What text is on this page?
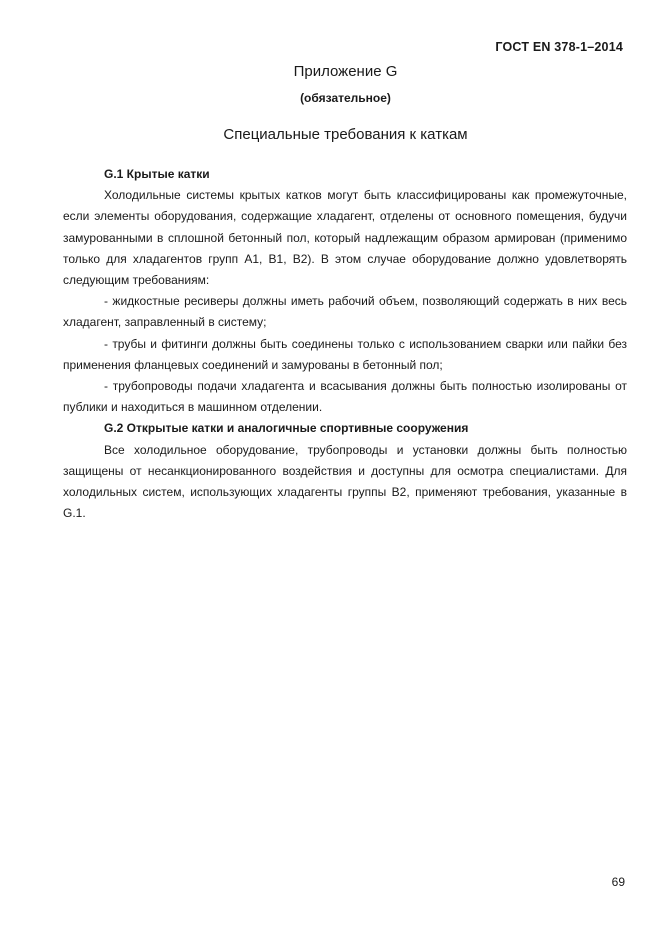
ГОСТ EN 378-1–2014
Приложение G
(обязательное)
Специальные требования к каткам
G.1 Крытые катки

Холодильные системы крытых катков могут быть классифицированы как промежуточные, если элементы оборудования, содержащие хладагент, отделены от основного помещения, будучи замурованными в сплошной бетонный пол, который надлежащим образом армирован (применимо только для хладагентов групп А1, В1, В2). В этом случае оборудование должно удовлетворять следующим требованиям:

- жидкостные ресиверы должны иметь рабочий объем, позволяющий содержать в них весь хладагент, заправленный в систему;

- трубы и фитинги должны быть соединены только с использованием сварки или пайки без применения фланцевых соединений и замурованы в бетонный пол;

- трубопроводы подачи хладагента и всасывания должны быть полностью изолированы от публики и находиться в машинном отделении.

G.2 Открытые катки и аналогичные спортивные сооружения

Все холодильное оборудование, трубопроводы и установки должны быть полностью защищены от несанкционированного воздействия и доступны для осмотра специалистами. Для холодильных систем, использующих хладагенты группы В2, применяют требования, указанные в G.1.

69
